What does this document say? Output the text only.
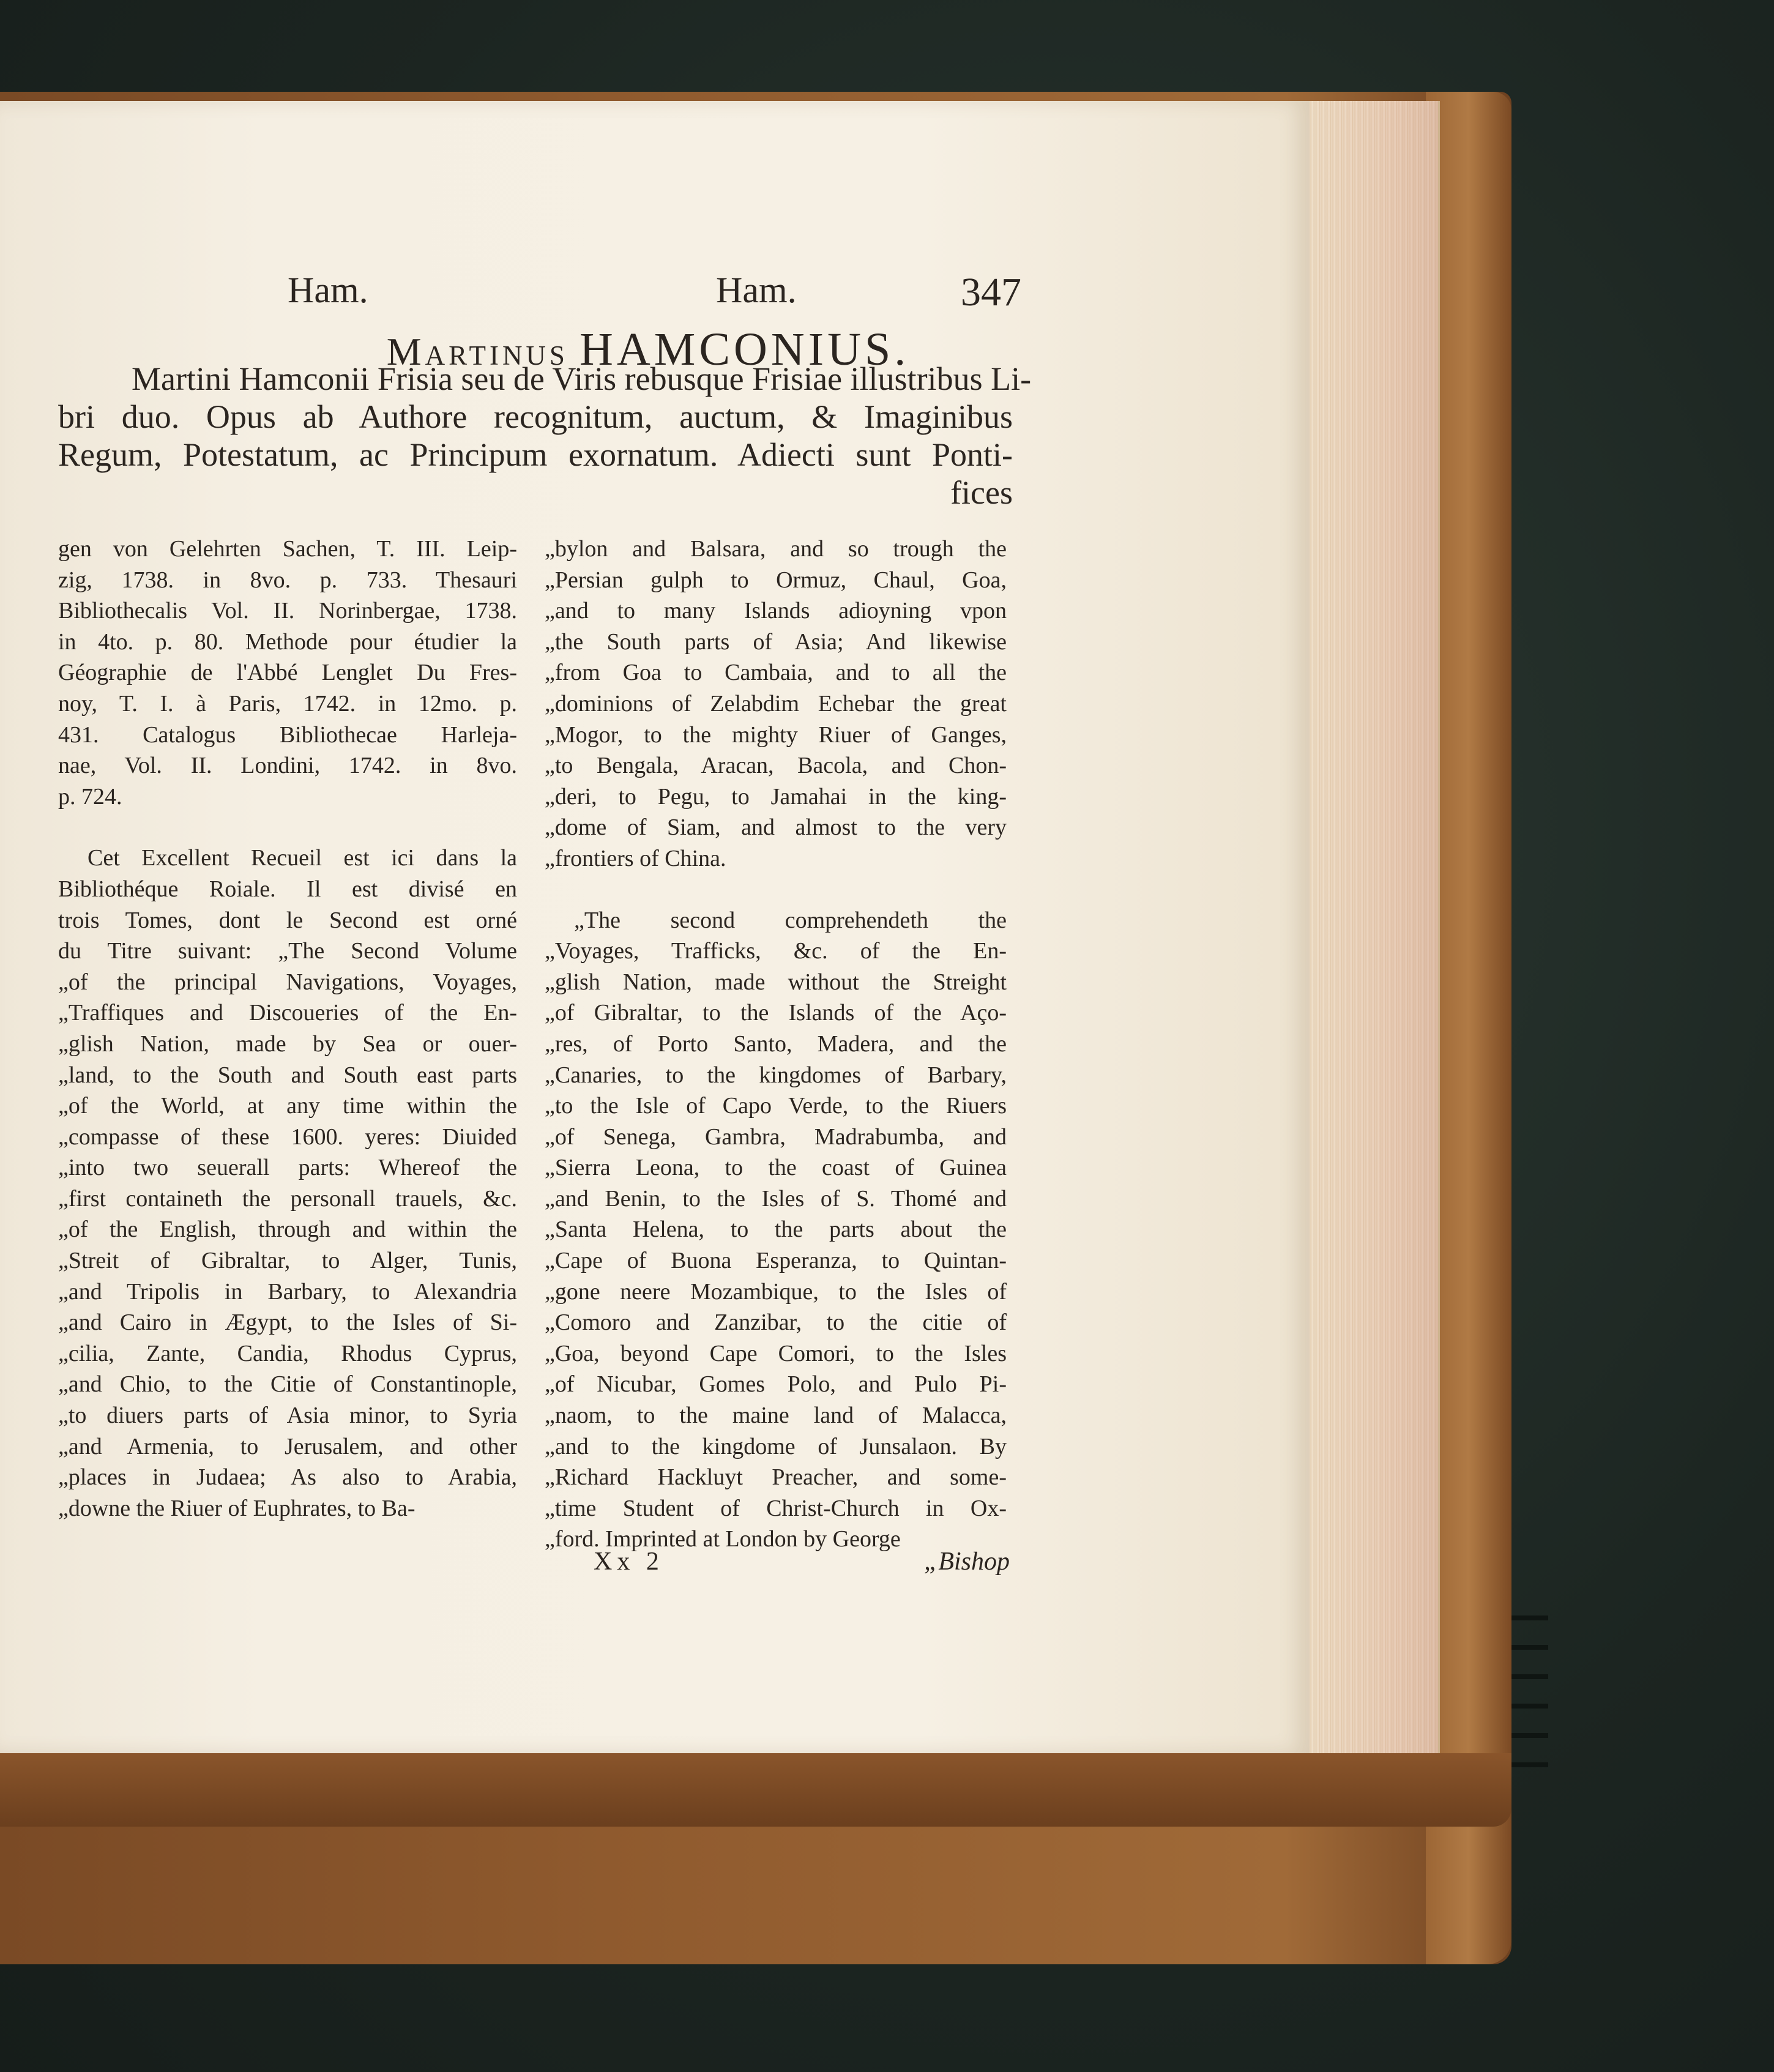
Ham.	Ham.	347
Martinus HAMCONIUS.
Martini Hamconii Frisia seu de Viris rebusque Frisiae illustribus Li-
bri duo. Opus ab Authore recognitum, auctum, & Imaginibus
Regum, Potestatum, ac Principum exornatum. Adiecti sunt Ponti-
fices
gen von Gelehrten Sachen, T. III. Leip-
zig, 1738. in 8vo. p. 733. Thesauri
Bibliothecalis Vol. II. Norinbergae, 1738.
in 4to. p. 80. Methode pour étudier la
Géographie de l'Abbé Lenglet Du Fres-
noy, T. I. à Paris, 1742. in 12mo. p.
431. Catalogus Bibliothecae Harleja-
nae, Vol. II. Londini, 1742. in 8vo.
p. 724.
Cet Excellent Recueil est ici dans la
Bibliothéque Roiale. Il est divisé en
trois Tomes, dont le Second est orné
du Titre suivant: „The Second Volume
„of the principal Navigations, Voyages,
„Traffiques and Discoueries of the En-
„glish Nation, made by Sea or ouer-
„land, to the South and South east parts
„of the World, at any time within the
„compasse of these 1600. yeres: Diuided
„into two seuerall parts: Whereof the
„first containeth the personall trauels, &c.
„of the English, through and within the
„Streit of Gibraltar, to Alger, Tunis,
„and Tripolis in Barbary, to Alexandria
„and Cairo in Ægypt, to the Isles of Si-
„cilia, Zante, Candia, Rhodus Cyprus,
„and Chio, to the Citie of Constantinople,
„to diuers parts of Asia minor, to Syria
„and Armenia, to Jerusalem, and other
„places in Judaea; As also to Arabia,
„downe the Riuer of Euphrates, to Ba-
„bylon and Balsara, and so trough the
„Persian gulph to Ormuz, Chaul, Goa,
„and to many Islands adioyning vpon
„the South parts of Asia; And likewise
„from Goa to Cambaia, and to all the
„dominions of Zelabdim Echebar the great
„Mogor, to the mighty Riuer of Ganges,
„to Bengala, Aracan, Bacola, and Chon-
„deri, to Pegu, to Jamahai in the king-
„dome of Siam, and almost to the very
„frontiers of China.
„The second comprehendeth the
„Voyages, Trafficks, &c. of the En-
„glish Nation, made without the Streight
„of Gibraltar, to the Islands of the Aço-
„res, of Porto Santo, Madera, and the
„Canaries, to the kingdomes of Barbary,
„to the Isle of Capo Verde, to the Riuers
„of Senega, Gambra, Madrabumba, and
„Sierra Leona, to the coast of Guinea
„and Benin, to the Isles of S. Thomé and
„Santa Helena, to the parts about the
„Cape of Buona Esperanza, to Quintan-
„gone neere Mozambique, to the Isles of
„Comoro and Zanzibar, to the citie of
„Goa, beyond Cape Comori, to the Isles
„of Nicubar, Gomes Polo, and Pulo Pi-
„naom, to the maine land of Malacca,
„and to the kingdome of Junsalaon. By
„Richard Hackluyt Preacher, and some-
„time Student of Christ-Church in Ox-
„ford. Imprinted at London by George
Xx 2	„Bishop
